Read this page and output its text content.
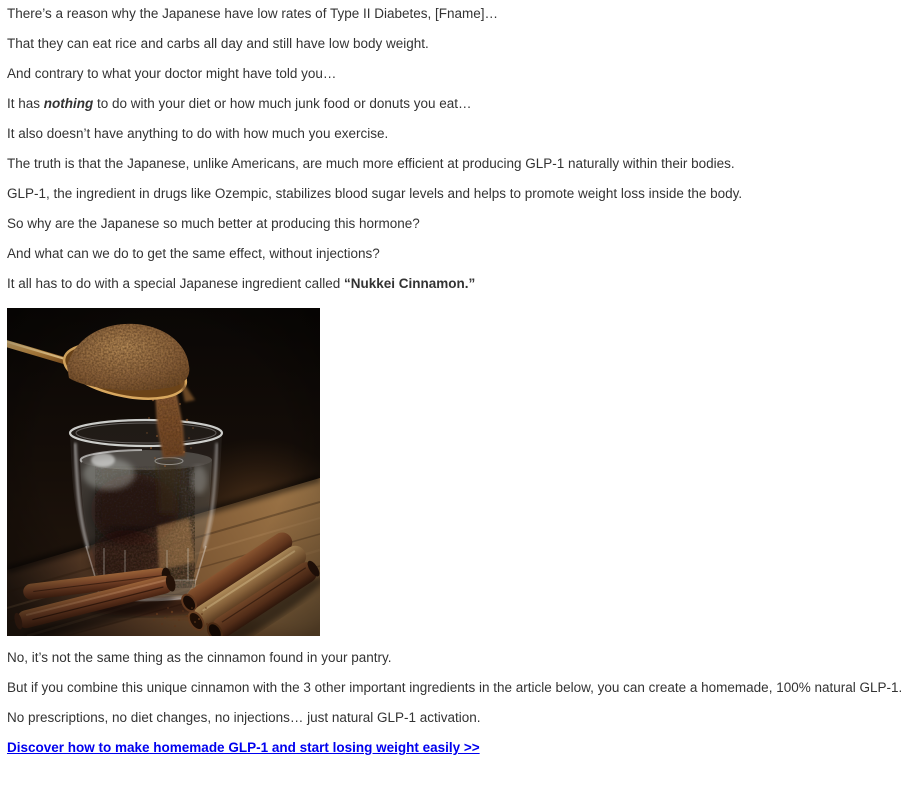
There’s a reason why the Japanese have low rates of Type II Diabetes, [Fname]…

That they can eat rice and carbs all day and still have low body weight.

And contrary to what your doctor might have told you…

It has nothing to do with your diet or how much junk food or donuts you eat…

It also doesn’t have anything to do with how much you exercise.

The truth is that the Japanese, unlike Americans, are much more efficient at producing GLP-1 naturally within their bodies.

GLP-1, the ingredient in drugs like Ozempic, stabilizes blood sugar levels and helps to promote weight loss inside the body.

So why are the Japanese so much better at producing this hormone?

And what can we do to get the same effect, without injections?

It all has to do with a special Japanese ingredient called “Nukkei Cinnamon.”

No, it’s not the same thing as the cinnamon found in your pantry.

But if you combine this unique cinnamon with the 3 other important ingredients in the article below, you can create a homemade, 100% natural GLP-1.

No prescriptions, no diet changes, no injections… just natural GLP-1 activation.

Discover how to make homemade GLP-1 and start losing weight easily >>
